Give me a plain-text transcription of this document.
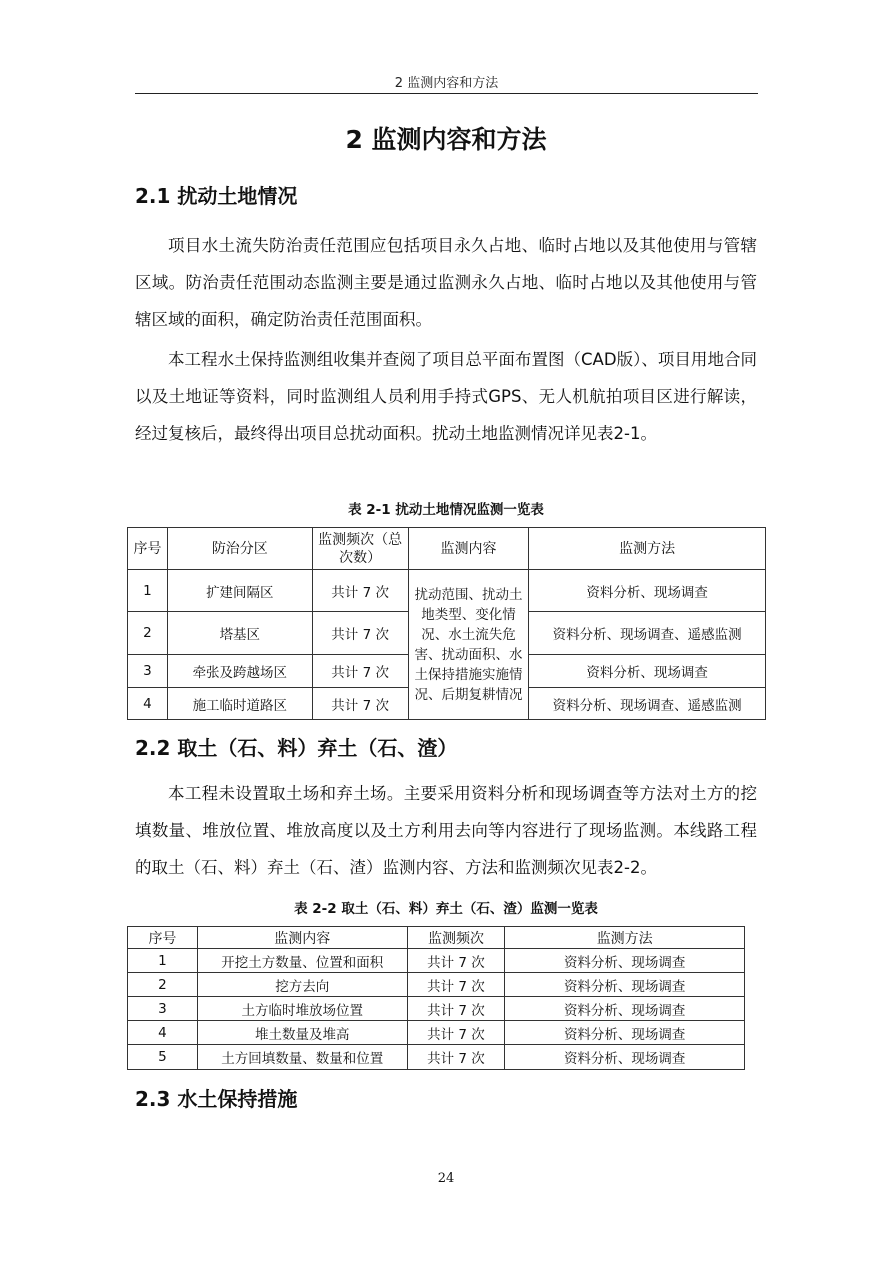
2 监测内容和方法
2 监测内容和方法
2.1 扰动土地情况

项目水土流失防治责任范围应包括项目永久占地、临时占地以及其他使用与管辖区域。防治责任范围动态监测主要是通过监测永久占地、临时占地以及其他使用与管辖区域的面积，确定防治责任范围面积。

本工程水土保持监测组收集并查阅了项目总平面布置图（CAD版）、项目用地合同以及土地证等资料，同时监测组人员利用手持式GPS、无人机航拍项目区进行解读，经过复核后，最终得出项目总扰动面积。扰动土地监测情况详见表2-1。

表 2-1 扰动土地情况监测一览表
序号	防治分区	监测频次（总次数）	监测内容	监测方法
1	扩建间隔区	共计 7 次	扰动范围、扰动土地类型、变化情况、水土流失危害、扰动面积、水土保持措施实施情况、后期复耕情况	资料分析、现场调查
2	塔基区	共计 7 次		资料分析、现场调查、遥感监测
3	牵张及跨越场区	共计 7 次		资料分析、现场调查
4	施工临时道路区	共计 7 次		资料分析、现场调查、遥感监测
2.2 取土（石、料）弃土（石、渣）

本工程未设置取土场和弃土场。主要采用资料分析和现场调查等方法对土方的挖填数量、堆放位置、堆放高度以及土方利用去向等内容进行了现场监测。本线路工程的取土（石、料）弃土（石、渣）监测内容、方法和监测频次见表2-2。

表 2-2 取土（石、料）弃土（石、渣）监测一览表
序号	监测内容	监测频次	监测方法
1	开挖土方数量、位置和面积	共计 7 次	资料分析、现场调查
2	挖方去向	共计 7 次	资料分析、现场调查
3	土方临时堆放场位置	共计 7 次	资料分析、现场调查
4	堆土数量及堆高	共计 7 次	资料分析、现场调查
5	土方回填数量、数量和位置	共计 7 次	资料分析、现场调查
2.3 水土保持措施
24
